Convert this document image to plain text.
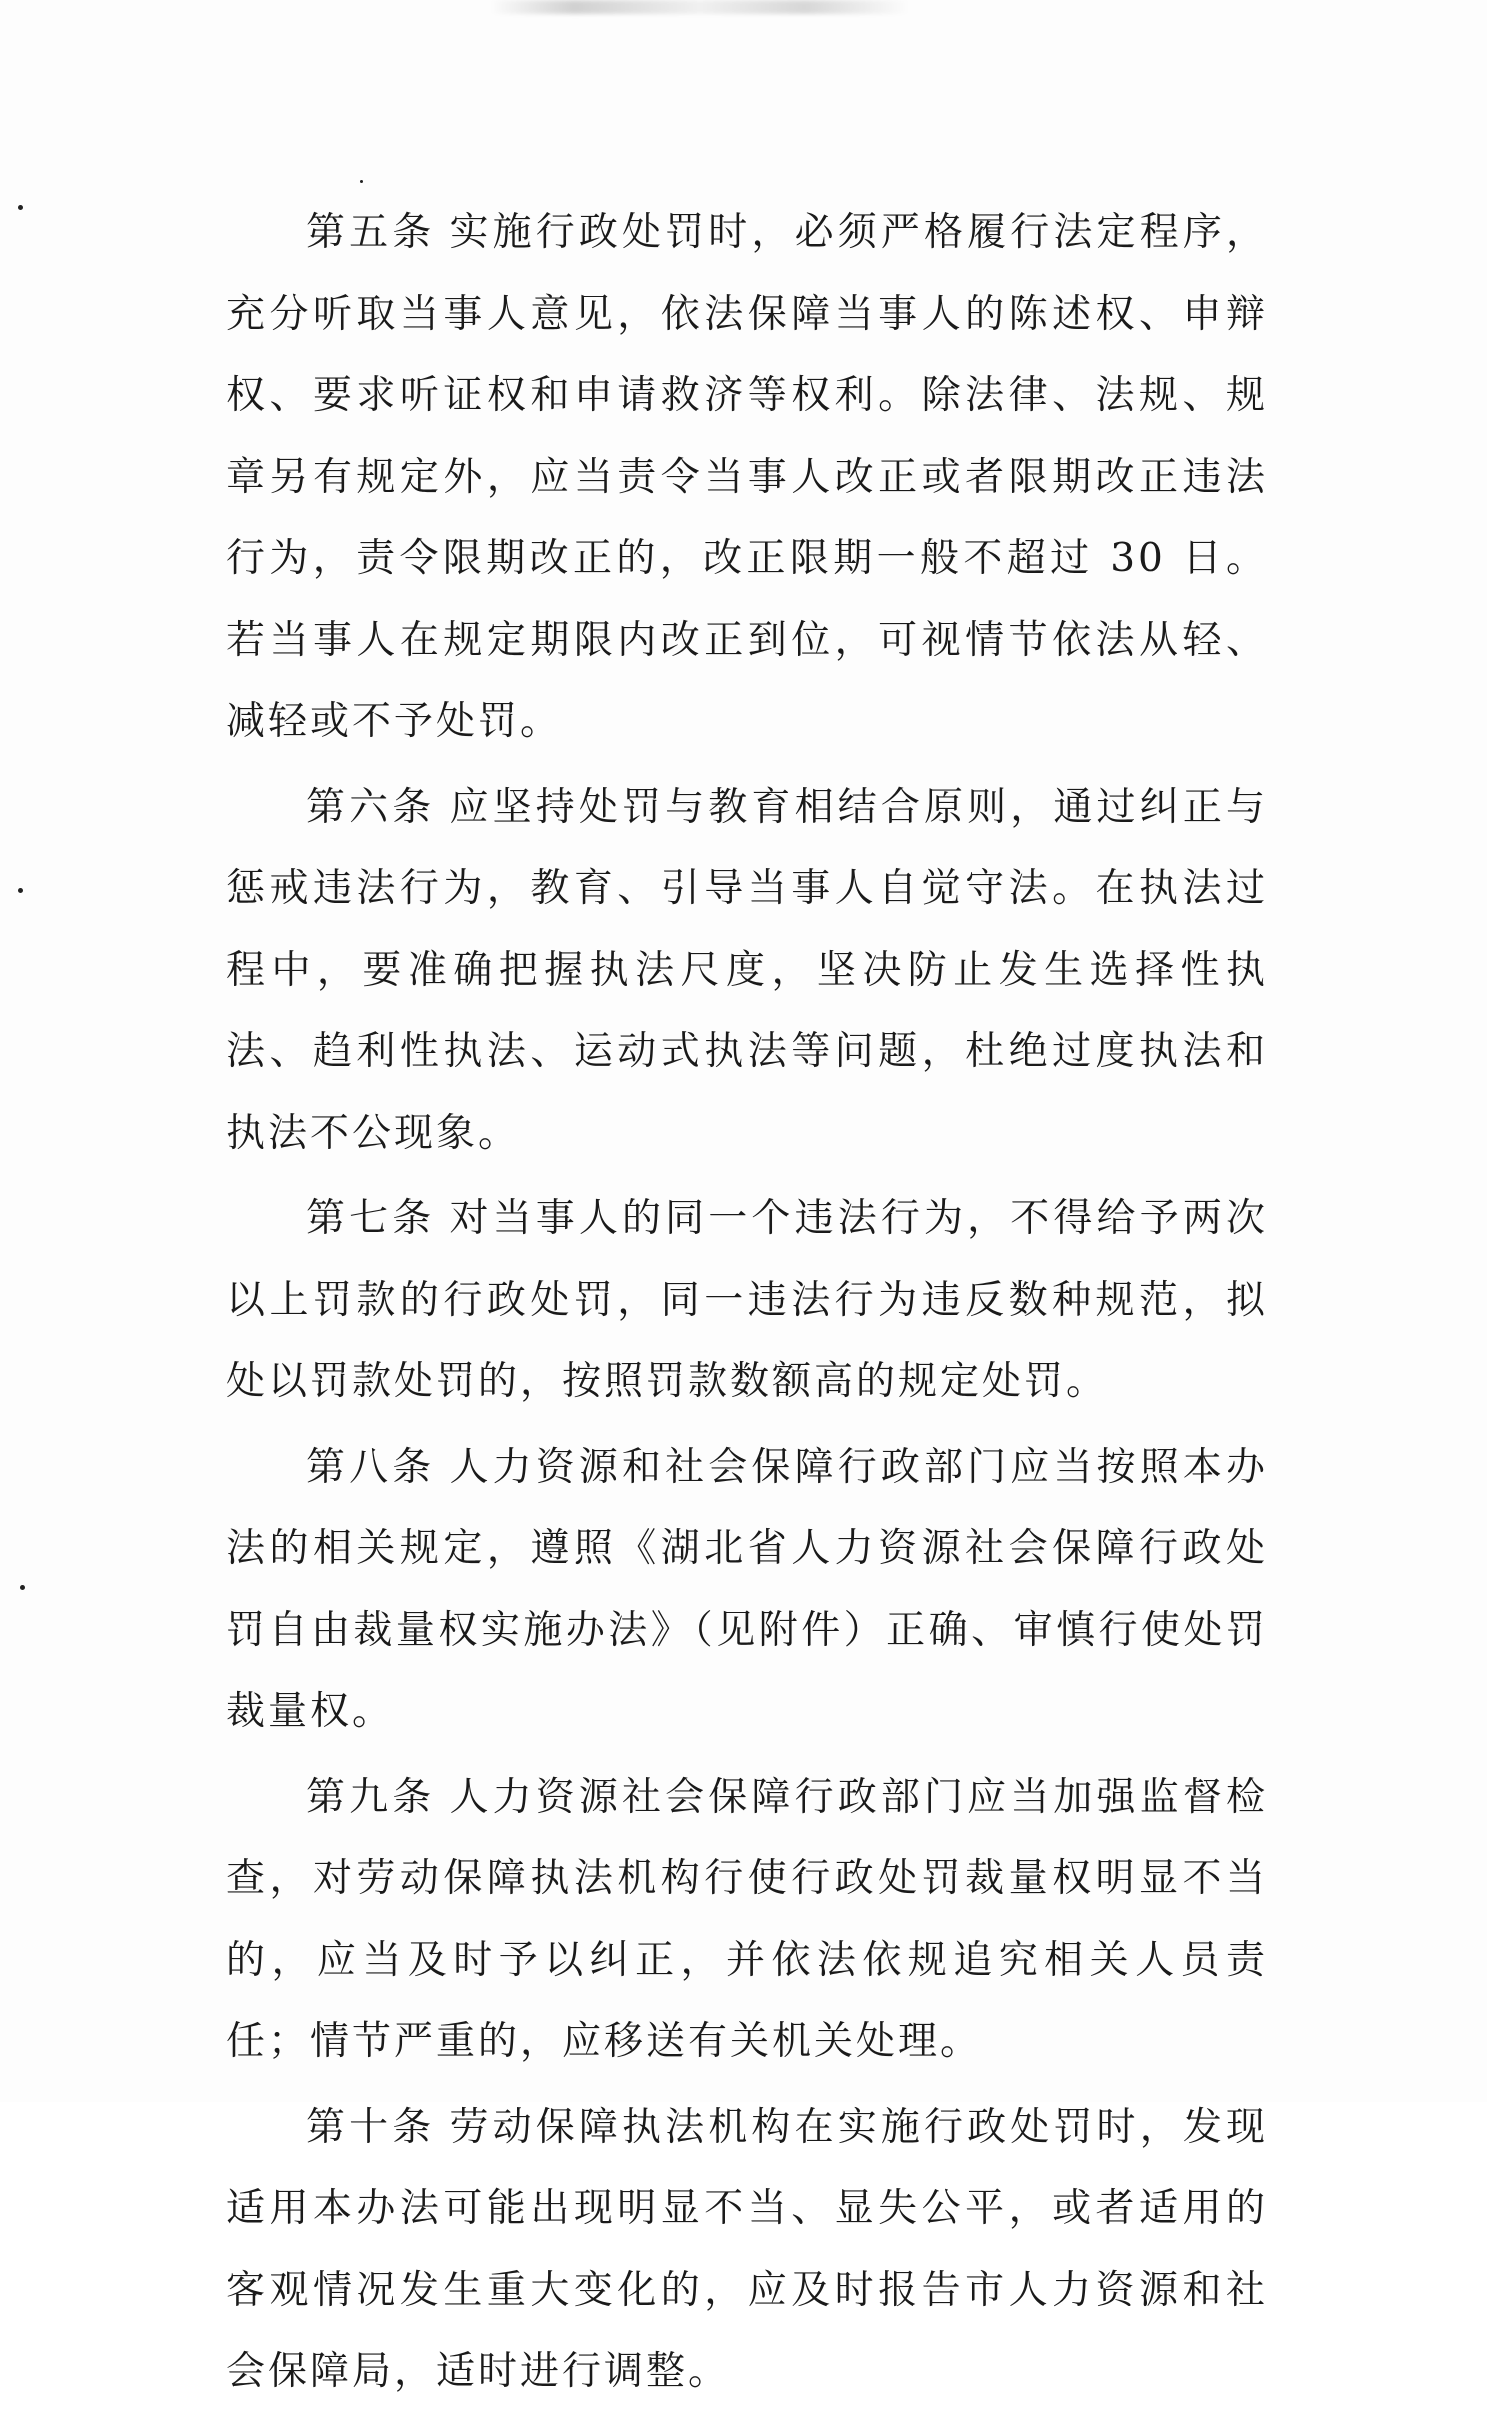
第五条 实施行政处罚时，必须严格履行法定程序，充分听取当事人意见，依法保障当事人的陈述权、申辩权、要求听证权和申请救济等权利。除法律、法规、规章另有规定外，应当责令当事人改正或者限期改正违法行为，责令限期改正的，改正限期一般不超过 30 日。若当事人在规定期限内改正到位，可视情节依法从轻、减轻或不予处罚。

第六条 应坚持处罚与教育相结合原则，通过纠正与惩戒违法行为，教育、引导当事人自觉守法。在执法过程中，要准确把握执法尺度，坚决防止发生选择性执法、趋利性执法、运动式执法等问题，杜绝过度执法和执法不公现象。

第七条 对当事人的同一个违法行为，不得给予两次以上罚款的行政处罚，同一违法行为违反数种规范，拟处以罚款处罚的，按照罚款数额高的规定处罚。

第八条 人力资源和社会保障行政部门应当按照本办法的相关规定，遵照《湖北省人力资源社会保障行政处罚自由裁量权实施办法》（见附件）正确、审慎行使处罚裁量权。

第九条 人力资源社会保障行政部门应当加强监督检查，对劳动保障执法机构行使行政处罚裁量权明显不当的，应当及时予以纠正，并依法依规追究相关人员责任；情节严重的，应移送有关机关处理。

第十条 劳动保障执法机构在实施行政处罚时，发现适用本办法可能出现明显不当、显失公平，或者适用的客观情况发生重大变化的，应及时报告市人力资源和社会保障局，适时进行调整。
